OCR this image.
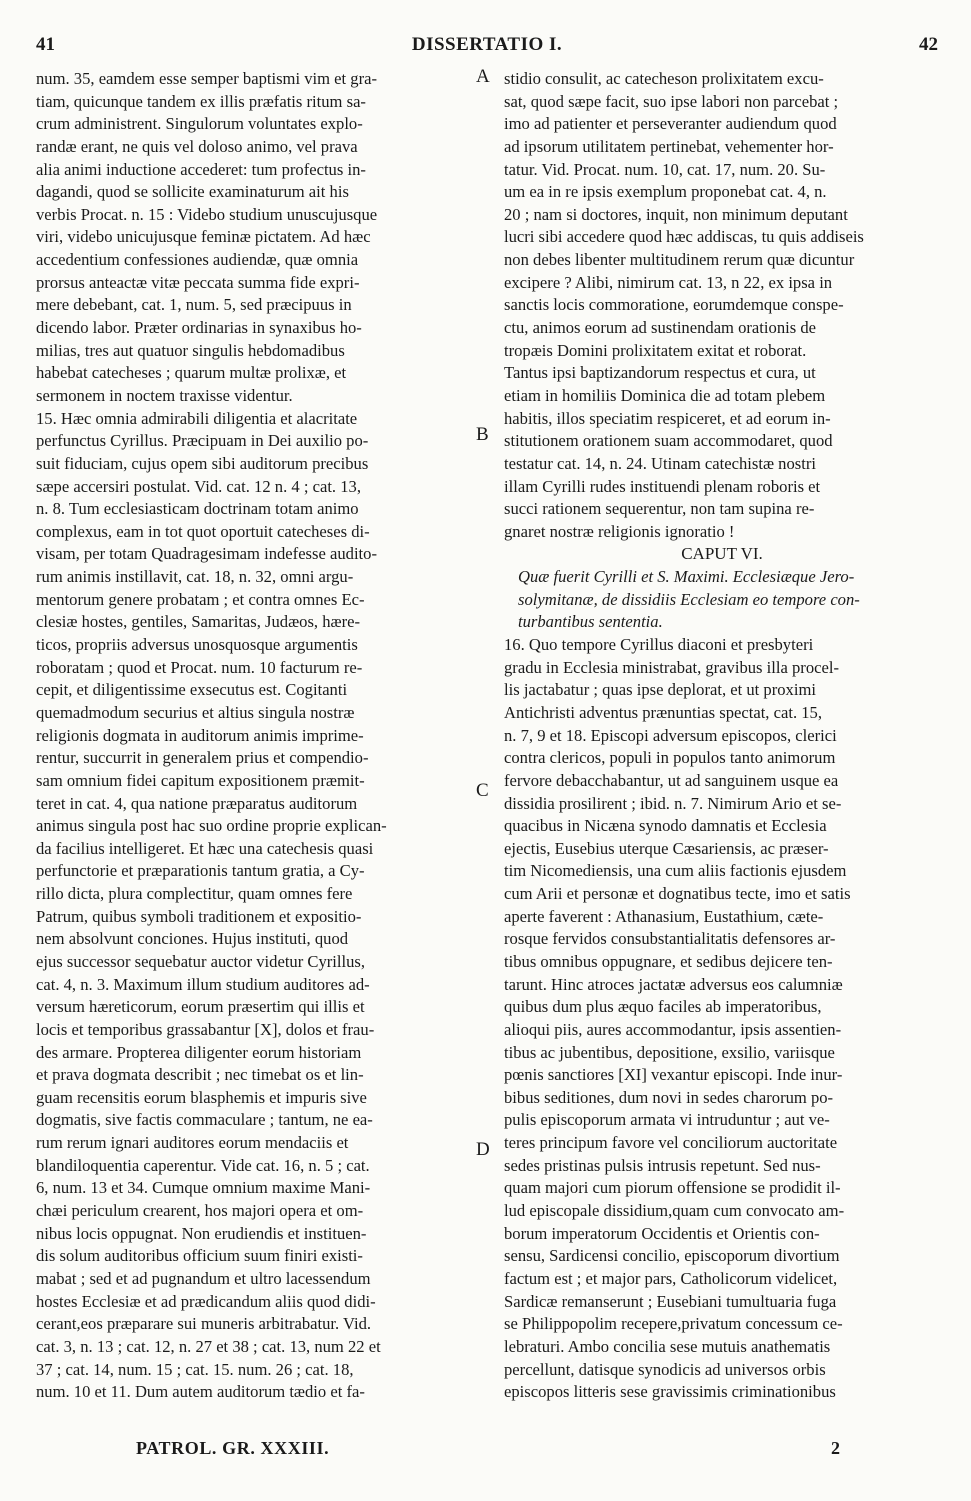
41	DISSERTATIO I.	42
num. 35, eamdem esse semper baptismi vim et gra-
tiam, quicunque tandem ex illis præfatis ritum sa-
crum administrent. Singulorum voluntates explo-
randæ erant, ne quis vel doloso animo, vel prava
alia animi inductione accederet: tum profectus in-
dagandi, quod se sollicite examinaturum ait his
verbis Procat. n. 15 : Videbo studium unuscujusque
viri, videbo unicujusque feminæ pictatem. Ad hæc
accedentium confessiones audiendæ, quæ omnia
prorsus anteactæ vitæ peccata summa fide expri-
mere debebant, cat. 1, num. 5, sed præcipuus in
dicendo labor. Præter ordinarias in synaxibus ho-
milias, tres aut quatuor singulis hebdomadibus
habebat catecheses ; quarum multæ prolixæ, et
sermonem in noctem traxisse videntur.
15. Hæc omnia admirabili diligentia et alacritate
perfunctus Cyrillus. Præcipuam in Dei auxilio po-
suit fiduciam, cujus opem sibi auditorum precibus
sæpe accersiri postulat. Vid. cat. 12 n. 4 ; cat. 13,
n. 8. Tum ecclesiasticam doctrinam totam animo
complexus, eam in tot quot oportuit catecheses di-
visam, per totam Quadragesimam indefesse audito-
rum animis instillavit, cat. 18, n. 32, omni argu-
mentorum genere probatam ; et contra omnes Ec-
clesiæ hostes, gentiles, Samaritas, Judæos, hære-
ticos, propriis adversus unosquosque argumentis
roboratam ; quod et Procat. num. 10 facturum re-
cepit, et diligentissime exsecutus est. Cogitanti
quemadmodum securius et altius singula nostræ
religionis dogmata in auditorum animis imprime-
rentur, succurrit in generalem prius et compendio-
sam omnium fidei capitum expositionem præmit-
teret in cat. 4, qua natione præparatus auditorum
animus singula post hac suo ordine proprie explican-
da facilius intelligeret. Et hæc una catechesis quasi
perfunctorie et præparationis tantum gratia, a Cy-
rillo dicta, plura complectitur, quam omnes fere
Patrum, quibus symboli traditionem et expositio-
nem absolvunt conciones. Hujus instituti, quod
ejus successor sequebatur auctor videtur Cyrillus,
cat. 4, n. 3. Maximum illum studium auditores ad-
versum hæreticorum, eorum præsertim qui illis et
locis et temporibus grassabantur [X], dolos et frau-
des armare. Propterea diligenter eorum historiam
et prava dogmata describit ; nec timebat os et lin-
guam recensitis eorum blasphemis et impuris sive
dogmatis, sive factis commaculare ; tantum, ne ea-
rum rerum ignari auditores eorum mendaciis et
blandiloquentia caperentur. Vide cat. 16, n. 5 ; cat.
6, num. 13 et 34. Cumque omnium maxime Mani-
chæi periculum crearent, hos majori opera et om-
nibus locis oppugnat. Non erudiendis et instituen-
dis solum auditoribus officium suum finiri existi-
mabat ; sed et ad pugnandum et ultro lacessendum
hostes Ecclesiæ et ad prædicandum aliis quod didi-
cerant,eos præparare sui muneris arbitrabatur. Vid.
cat. 3, n. 13 ; cat. 12, n. 27 et 38 ; cat. 13, num 22 et
37 ; cat. 14, num. 15 ; cat. 15. num. 26 ; cat. 18,
num. 10 et 11. Dum autem auditorum tædio et fa-
stidio consulit, ac catecheson prolixitatem excu-
sat, quod sæpe facit, suo ipse labori non parcebat ;
imo ad patienter et perseveranter audiendum quod
ad ipsorum utilitatem pertinebat, vehementer hor-
tatur. Vid. Procat. num. 10, cat. 17, num. 20. Su-
um ea in re ipsis exemplum proponebat cat. 4, n.
20 ; nam si doctores, inquit, non minimum deputant
lucri sibi accedere quod hæc addiscas, tu quis addiseis
non debes libenter multitudinem rerum quæ dicuntur
excipere ? Alibi, nimirum cat. 13, n 22, ex ipsa in
sanctis locis commoratione, eorumdemque conspe-
ctu, animos eorum ad sustinendam orationis de
tropæis Domini prolixitatem exitat et roborat.
Tantus ipsi baptizandorum respectus et cura, ut
etiam in homiliis Dominica die ad totam plebem
habitis, illos speciatim respiceret, et ad eorum in-
stitutionem orationem suam accommodaret, quod
testatur cat. 14, n. 24. Utinam catechistæ nostri
illam Cyrilli rudes instituendi plenam roboris et
succi rationem sequerentur, non tam supina re-
gnaret nostræ religionis ignoratio !
CAPUT VI.
Quæ fuerit Cyrilli et S. Maximi. Ecclesiæque Jero-
solymitanæ, de dissidiis Ecclesiam eo tempore con-
turbantibus sententia.
16. Quo tempore Cyrillus diaconi et presbyteri
gradu in Ecclesia ministrabat, gravibus illa procel-
lis jactabatur ; quas ipse deplorat, et ut proximi
Antichristi adventus prænuntias spectat, cat. 15,
n. 7, 9 et 18. Episcopi adversum episcopos, clerici
contra clericos, populi in populos tanto animorum
fervore debacchabantur, ut ad sanguinem usque ea
dissidia prosilirent ; ibid. n. 7. Nimirum Ario et se-
quacibus in Nicæna synodo damnatis et Ecclesia
ejectis, Eusebius uterque Cæsariensis, ac præser-
tim Nicomediensis, una cum aliis factionis ejusdem
cum Arii et personæ et dognatibus tecte, imo et satis
aperte faverent : Athanasium, Eustathium, cæte-
rosque fervidos consubstantialitatis defensores ar-
tibus omnibus oppugnare, et sedibus dejicere ten-
tarunt. Hinc atroces jactatæ adversus eos calumniæ
quibus dum plus æquo faciles ab imperatoribus,
alioqui piis, aures accommodantur, ipsis assentien-
tibus ac jubentibus, depositione, exsilio, variisque
pœnis sanctiores [XI] vexantur episcopi. Inde inur-
bibus seditiones, dum novi in sedes charorum po-
pulis episcoporum armata vi intruduntur ; aut ve-
teres principum favore vel conciliorum auctoritate
sedes pristinas pulsis intrusis repetunt. Sed nus-
quam majori cum piorum offensione se prodidit il-
lud episcopale dissidium,quam cum convocato am-
borum imperatorum Occidentis et Orientis con-
sensu, Sardicensi concilio, episcoporum divortium
factum est ; et major pars, Catholicorum videlicet,
Sardicæ remanserunt ; Eusebiani tumultuaria fuga
se Philippopolim recepere,privatum concessum ce-
lebraturi. Ambo concilia sese mutuis anathematis
percellunt, datisque synodicis ad universos orbis
episcopos litteris sese gravissimis criminationibus
A
B
C
D
PATROL. GR. XXXIII.	2
